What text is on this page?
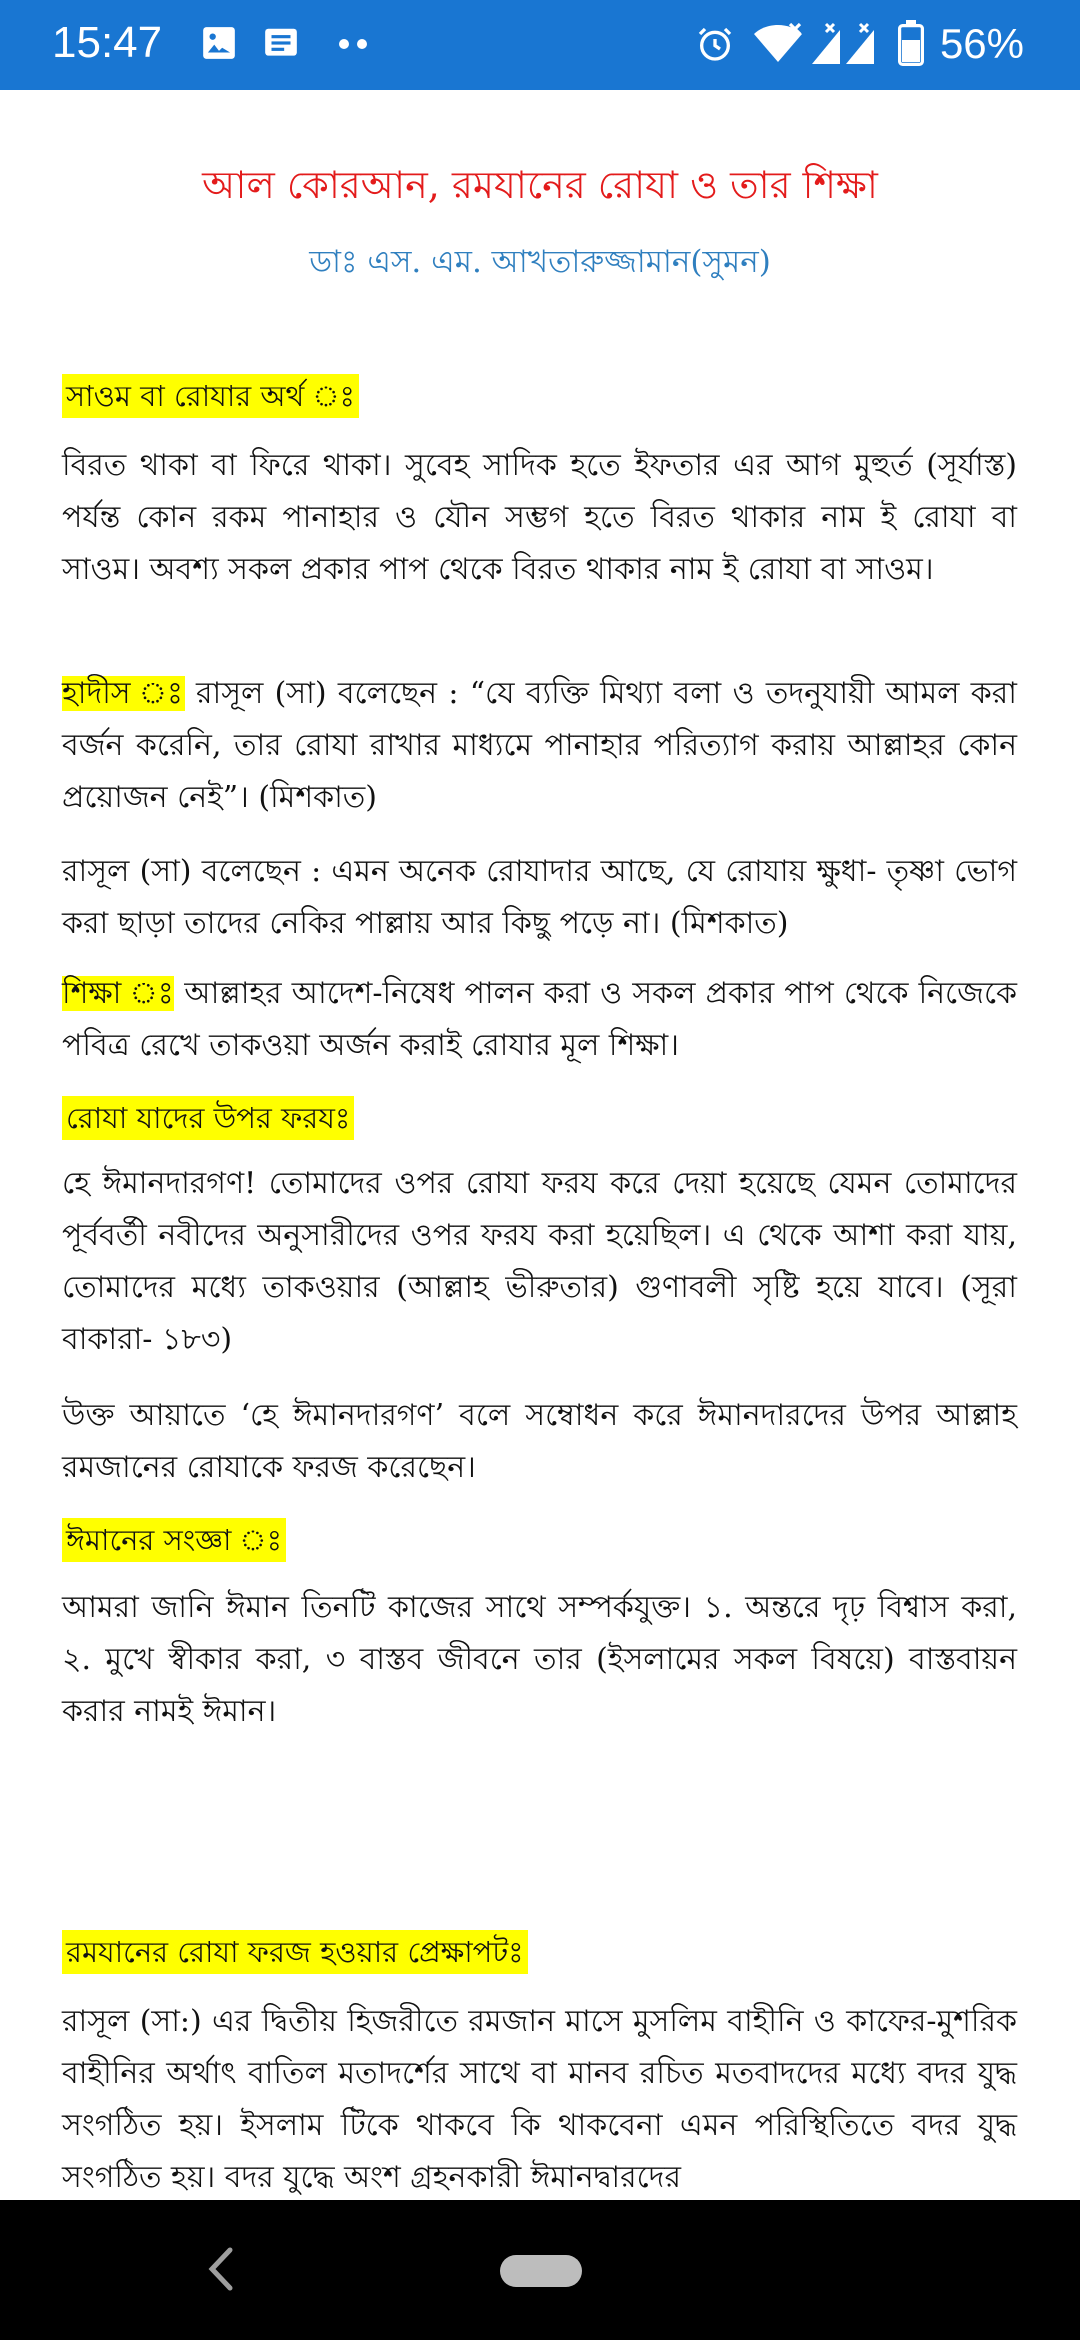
15:47	56%
আল কোরআন, রমযানের রোযা ও তার শিক্ষা
ডাঃ এস. এম. আখতারুজ্জামান(সুমন)
সাওম বা রোযার অর্থ ঃ
বিরত থাকা বা ফিরে থাকা। সুবেহ সাদিক হতে ইফতার এর আগ মুহুর্ত (সূর্যাস্ত) পর্যন্ত কোন রকম পানাহার ও যৌন সম্ভগ হতে বিরত থাকার নাম ই রোযা বা সাওম। অবশ্য সকল প্রকার পাপ থেকে বিরত থাকার নাম ই রোযা বা সাওম।
হাদীস ঃ রাসূল (সা) বলেছেন : “যে ব্যক্তি মিথ্যা বলা ও তদনুযায়ী আমল করা বর্জন করেনি, তার রোযা রাখার মাধ্যমে পানাহার পরিত্যাগ করায় আল্লাহর কোন প্রয়োজন নেই”। (মিশকাত)
রাসূল (সা) বলেছেন : এমন অনেক রোযাদার আছে, যে রোযায় ক্ষুধা- তৃষ্ণা ভোগ করা ছাড়া তাদের নেকির পাল্লায় আর কিছু পড়ে না। (মিশকাত)
শিক্ষা ঃ আল্লাহর আদেশ-নিষেধ পালন করা ও সকল প্রকার পাপ থেকে নিজেকে পবিত্র রেখে তাকওয়া অর্জন করাই রোযার মূল শিক্ষা।
রোযা যাদের উপর ফরযঃ
হে ঈমানদারগণ! তোমাদের ওপর রোযা ফরয করে দেয়া হয়েছে যেমন তোমাদের পূর্ববর্তী নবীদের অনুসারীদের ওপর ফরয করা হয়েছিল। এ থেকে আশা করা যায়, তোমাদের মধ্যে তাকওয়ার (আল্লাহ ভীরুতার) গুণাবলী সৃষ্টি হয়ে যাবে। (সূরা বাকারা- ১৮৩)
উক্ত আয়াতে ‘হে ঈমানদারগণ’ বলে সম্বোধন করে ঈমানদারদের উপর আল্লাহ রমজানের রোযাকে ফরজ করেছেন।
ঈমানের সংজ্ঞা ঃ
আমরা জানি ঈমান তিনটি কাজের সাথে সম্পর্কযুক্ত। ১. অন্তরে দৃঢ় বিশ্বাস করা, ২. মুখে স্বীকার করা, ৩ বাস্তব জীবনে তার (ইসলামের সকল বিষয়ে) বাস্তবায়ন করার নামই ঈমান।
রমযানের রোযা ফরজ হওয়ার প্রেক্ষাপটঃ
রাসূল (সা:) এর দ্বিতীয় হিজরীতে রমজান মাসে মুসলিম বাহীনি ও কাফের-মুশরিক বাহীনির অর্থাৎ বাতিল মতাদর্শের সাথে বা মানব রচিত মতবাদদের মধ্যে বদর যুদ্ধ সংগঠিত হয়। ইসলাম টিকে থাকবে কি থাকবেনা এমন পরিস্থিতিতে বদর যুদ্ধ সংগঠিত হয়। বদর যুদ্ধে অংশ গ্রহনকারী ঈমানদ্বারদের
